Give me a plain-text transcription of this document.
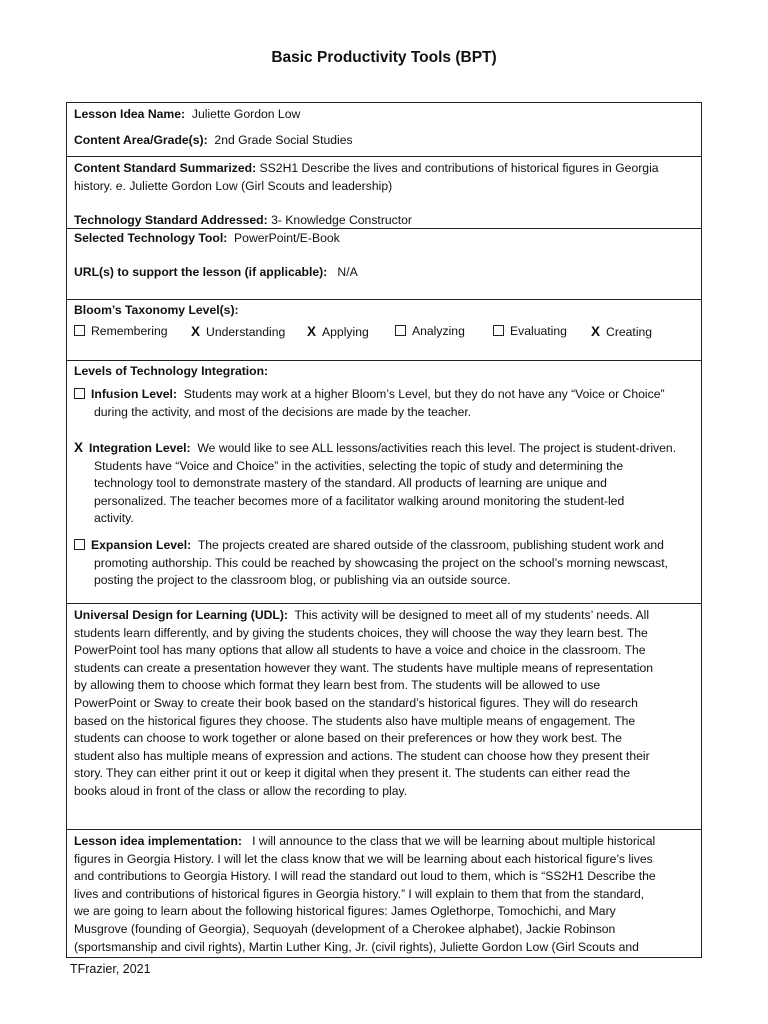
Basic Productivity Tools (BPT)
Lesson Idea Name: Juliette Gordon Low
Content Area/Grade(s): 2nd Grade Social Studies
Content Standard Summarized: SS2H1 Describe the lives and contributions of historical figures in Georgia
history. e. Juliette Gordon Low (Girl Scouts and leadership)
Technology Standard Addressed: 3- Knowledge Constructor
Selected Technology Tool: PowerPoint/E-Book
URL(s) to support the lesson (if applicable): N/A
Bloom’s Taxonomy Level(s):
Remembering X Understanding X Applying	Analyzing	Evaluating X Creating
Levels of Technology Integration:
Infusion Level: Students may work at a higher Bloom’s Level, but they do not have any “Voice or Choice”
during the activity, and most of the decisions are made by the teacher.
X Integration Level: We would like to see ALL lessons/activities reach this level. The project is student-driven.
Students have “Voice and Choice” in the activities, selecting the topic of study and determining the
technology tool to demonstrate mastery of the standard. All products of learning are unique and
personalized. The teacher becomes more of a facilitator walking around monitoring the student-led
activity.
Expansion Level: The projects created are shared outside of the classroom, publishing student work and
promoting authorship. This could be reached by showcasing the project on the school’s morning newscast,
posting the project to the classroom blog, or publishing via an outside source.
Universal Design for Learning (UDL): This activity will be designed to meet all of my students’ needs. All
students learn differently, and by giving the students choices, they will choose the way they learn best. The
PowerPoint tool has many options that allow all students to have a voice and choice in the classroom. The
students can create a presentation however they want. The students have multiple means of representation
by allowing them to choose which format they learn best from. The students will be allowed to use
PowerPoint or Sway to create their book based on the standard’s historical figures. They will do research
based on the historical figures they choose. The students also have multiple means of engagement. The
students can choose to work together or alone based on their preferences or how they work best. The
student also has multiple means of expression and actions. The student can choose how they present their
story. They can either print it out or keep it digital when they present it. The students can either read the
books aloud in front of the class or allow the recording to play.
Lesson idea implementation: I will announce to the class that we will be learning about multiple historical
figures in Georgia History. I will let the class know that we will be learning about each historical figure’s lives
and contributions to Georgia History. I will read the standard out loud to them, which is “SS2H1 Describe the
lives and contributions of historical figures in Georgia history.” I will explain to them that from the standard,
we are going to learn about the following historical figures: James Oglethorpe, Tomochichi, and Mary
Musgrove (founding of Georgia), Sequoyah (development of a Cherokee alphabet), Jackie Robinson
(sportsmanship and civil rights), Martin Luther King, Jr. (civil rights), Juliette Gordon Low (Girl Scouts and
TFrazier, 2021
